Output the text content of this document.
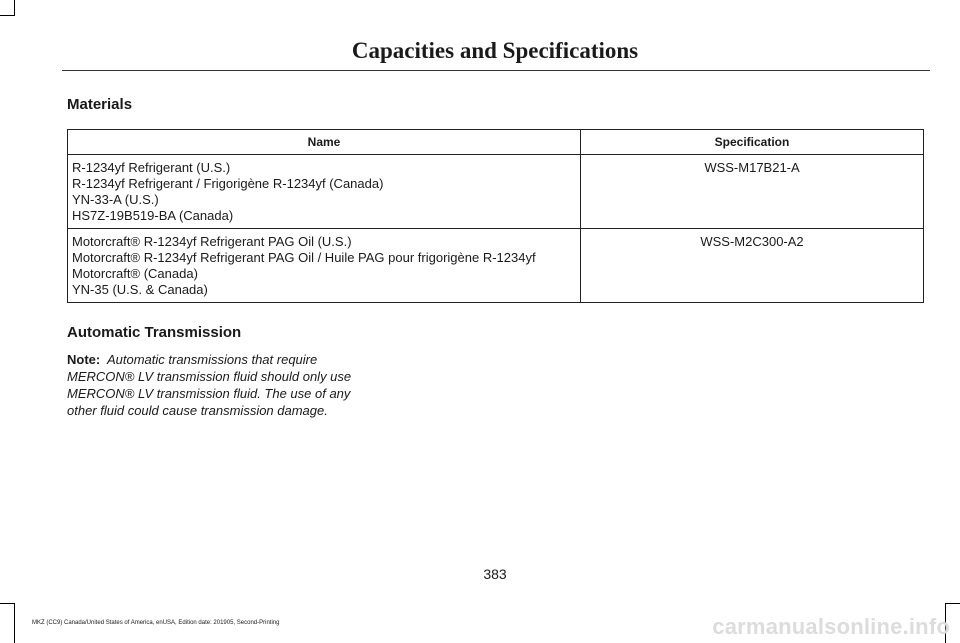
Capacities and Specifications
Materials
Name	Specification

R-1234yf Refrigerant (U.S.)
R-1234yf Refrigerant / Frigorigène R-1234yf (Canada)
YN-33-A (U.S.)
HS7Z-19B519-BA (Canada)	WSS-M17B21-A

Motorcraft® R-1234yf Refrigerant PAG Oil (U.S.)
Motorcraft® R-1234yf Refrigerant PAG Oil / Huile PAG pour frigorigène R-1234yf
Motorcraft® (Canada)
YN-35 (U.S. & Canada)	WSS-M2C300-A2
Automatic Transmission
Note: Automatic transmissions that require MERCON® LV transmission fluid should only use MERCON® LV transmission fluid. The use of any other fluid could cause transmission damage.
383
MKZ (CC9) Canada/United States of America, enUSA, Edition date: 201905, Second-Printing	carmanualsonline.info
